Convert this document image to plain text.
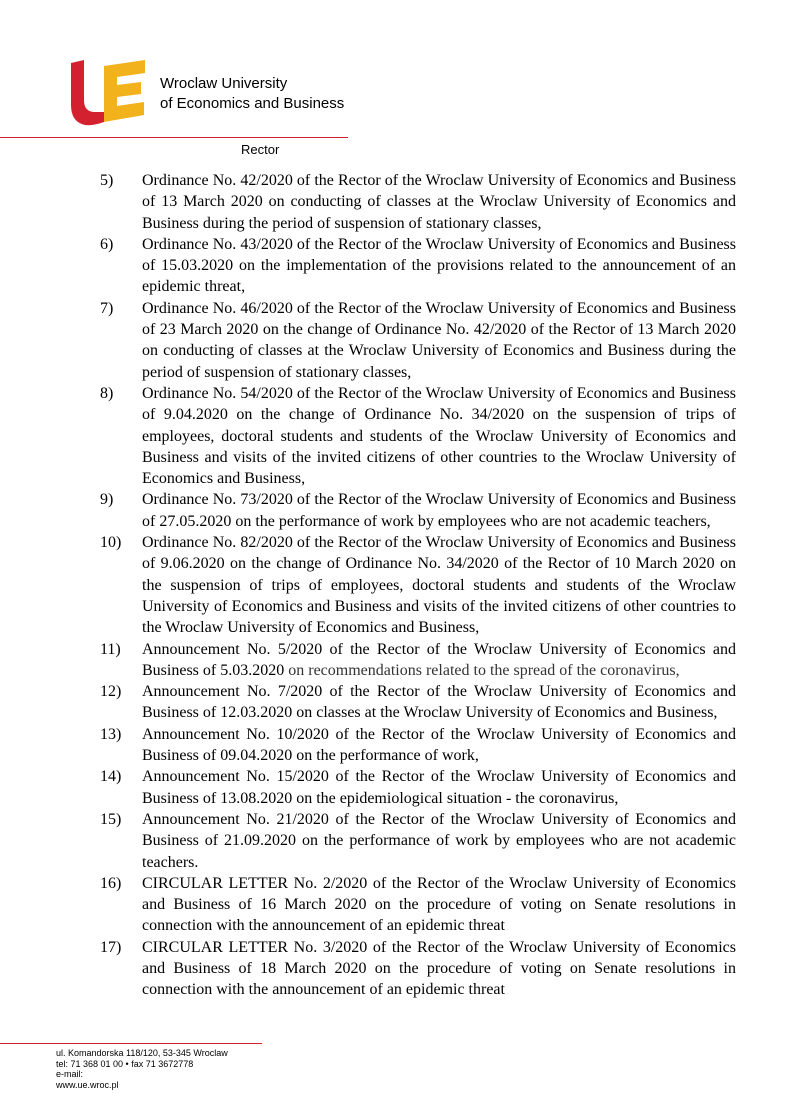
Wroclaw University
of Economics and Business
Rector
5)	Ordinance No. 42/2020 of the Rector of the Wroclaw University of Economics and Business of 13 March 2020 on conducting of classes at the Wroclaw University of Economics and Business during the period of suspension of stationary classes,
6)	Ordinance No. 43/2020 of the Rector of the Wroclaw University of Economics and Business of 15.03.2020 on the implementation of the provisions related to the announcement of an epidemic threat,
7)	Ordinance No. 46/2020 of the Rector of the Wroclaw University of Economics and Business of 23 March 2020 on the change of Ordinance No. 42/2020 of the Rector of 13 March 2020 on conducting of classes at the Wroclaw University of Economics and Business during the period of suspension of stationary classes,
8)	Ordinance No. 54/2020 of the Rector of the Wroclaw University of Economics and Business of 9.04.2020 on the change of Ordinance No. 34/2020 on the suspension of trips of employees, doctoral students and students of the Wroclaw University of Economics and Business and visits of the invited citizens of other countries to the Wroclaw University of Economics and Business,
9)	Ordinance No. 73/2020 of the Rector of the Wroclaw University of Economics and Business of 27.05.2020 on the performance of work by employees who are not academic teachers,
10)	Ordinance No. 82/2020 of the Rector of the Wroclaw University of Economics and Business of 9.06.2020 on the change of Ordinance No. 34/2020 of the Rector of 10 March 2020 on the suspension of trips of employees, doctoral students and students of the Wroclaw University of Economics and Business and visits of the invited citizens of other countries to the Wroclaw University of Economics and Business,
11)	Announcement No. 5/2020 of the Rector of the Wroclaw University of Economics and Business of 5.03.2020 on recommendations related to the spread of the coronavirus,
12)	Announcement No. 7/2020 of the Rector of the Wroclaw University of Economics and Business of 12.03.2020 on classes at the Wroclaw University of Economics and Business,
13)	Announcement No. 10/2020 of the Rector of the Wroclaw University of Economics and Business of 09.04.2020 on the performance of work,
14)	Announcement No. 15/2020 of the Rector of the Wroclaw University of Economics and Business of 13.08.2020 on the epidemiological situation - the coronavirus,
15)	Announcement No. 21/2020 of the Rector of the Wroclaw University of Economics and Business of 21.09.2020 on the performance of work by employees who are not academic teachers.
16)	CIRCULAR LETTER No. 2/2020 of the Rector of the Wroclaw University of Economics and Business of 16 March 2020 on the procedure of voting on Senate resolutions in connection with the announcement of an epidemic threat
17)	CIRCULAR LETTER No. 3/2020 of the Rector of the Wroclaw University of Economics and Business of 18 March 2020 on the procedure of voting on Senate resolutions in connection with the announcement of an epidemic threat
ul. Komandorska 118/120, 53-345 Wroclaw
tel: 71 368 01 00 • fax 71 3672778
e-mail:
www.ue.wroc.pl
